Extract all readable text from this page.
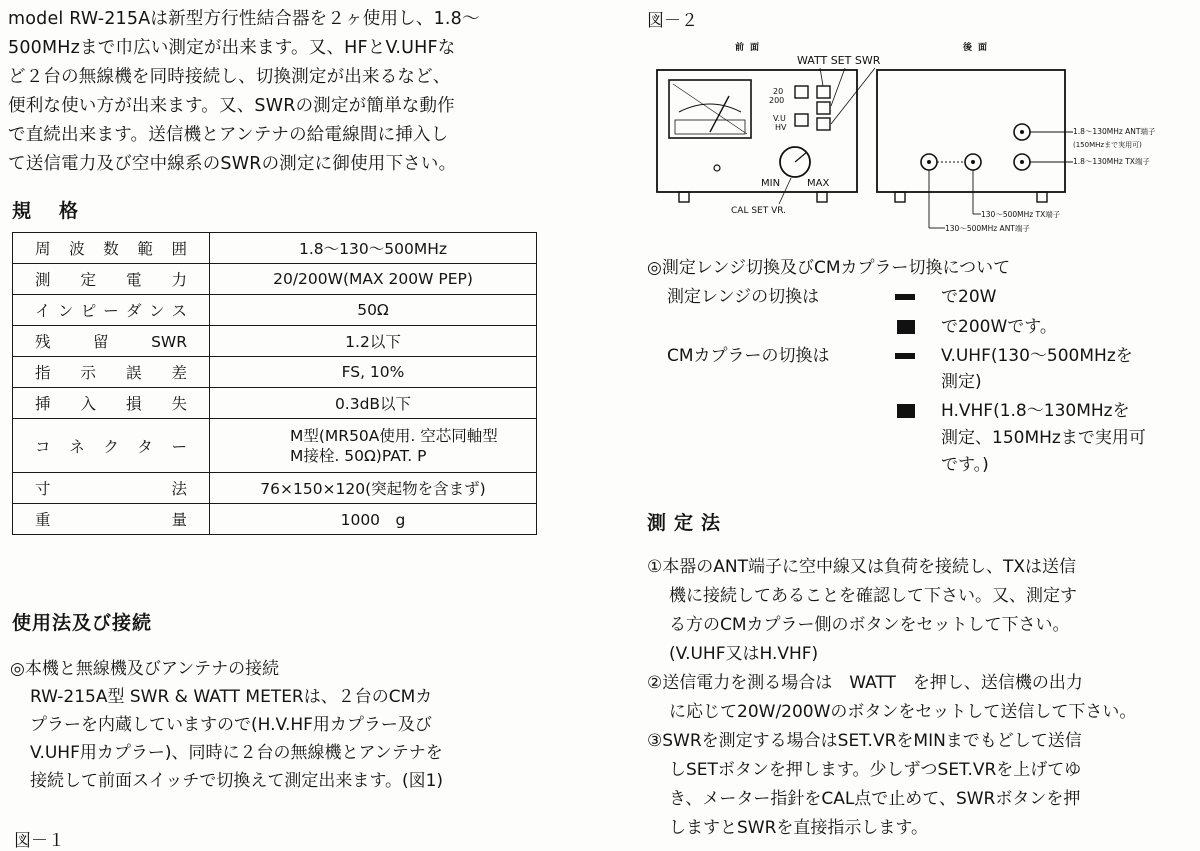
model RW-215Aは新型方行性結合器を２ヶ使用し、1.8～
500MHzまで巾広い測定が出来ます。又、HFとV.UHFな
ど２台の無線機を同時接続し、切換測定が出来るなど、
便利な使い方が出来ます。又、SWRの測定が簡単な動作
で直続出来ます。送信機とアンテナの給電線間に挿入し
て送信電力及び空中線系のSWRの測定に御使用下さい。
規格
周波数範囲	1.8～130～500MHz
測定電力	20/200W(MAX 200W PEP)
インピーダンス	50Ω
残留SWR	1.2以下
指示誤差	FS, 10%
挿入損失	0.3dB以下
コネクター	M型(MR50A使用. 空芯同軸型
M接栓. 50Ω)PAT. P

寸法	76×150×120(突起物を含まず)
重量	1000　g
使用法及び接続
◎本機と無線機及びアンテナの接続
RW-215A型 SWR & WATT METERは、２台のCMカ
プラーを内蔵していますので(H.V.HF用カプラー及び
V.UHF用カプラー)、同時に２台の無線機とアンテナを
接続して前面スイッチで切換えて測定出来ます。(図1)
図－１
図－２
前面	後面
WATT SET SWR
20
200
V.U
HV
MIN	MAX
CAL SET VR.
1.8～130MHz ANT端子
(150MHzまで実用可)
1.8～130MHz TX端子
130～500MHz TX端子
130～500MHz ANT端子
◎測定レンジ切換及びCMカプラー切換について
測定レンジの切換は	で20W
で200Wです。
CMカプラーの切換は	V.UHF(130～500MHzを
測定)
H.VHF(1.8～130MHzを
測定、150MHzまで実用可
です。)
測定法
①本器のANT端子に空中線又は負荷を接続し、TXは送信
機に接続してあることを確認して下さい。又、測定す
る方のCMカプラー側のボタンをセットして下さい。
(V.UHF又はH.VHF)
②送信電力を測る場合は　WATT　を押し、送信機の出力
に応じて20W/200Wのボタンをセットして送信して下さい。
③SWRを測定する場合はSET.VRをMINまでもどして送信
しSETボタンを押します。少しずつSET.VRを上げてゆ
き、メーター指針をCAL点で止めて、SWRボタンを押
しますとSWRを直接指示します。
